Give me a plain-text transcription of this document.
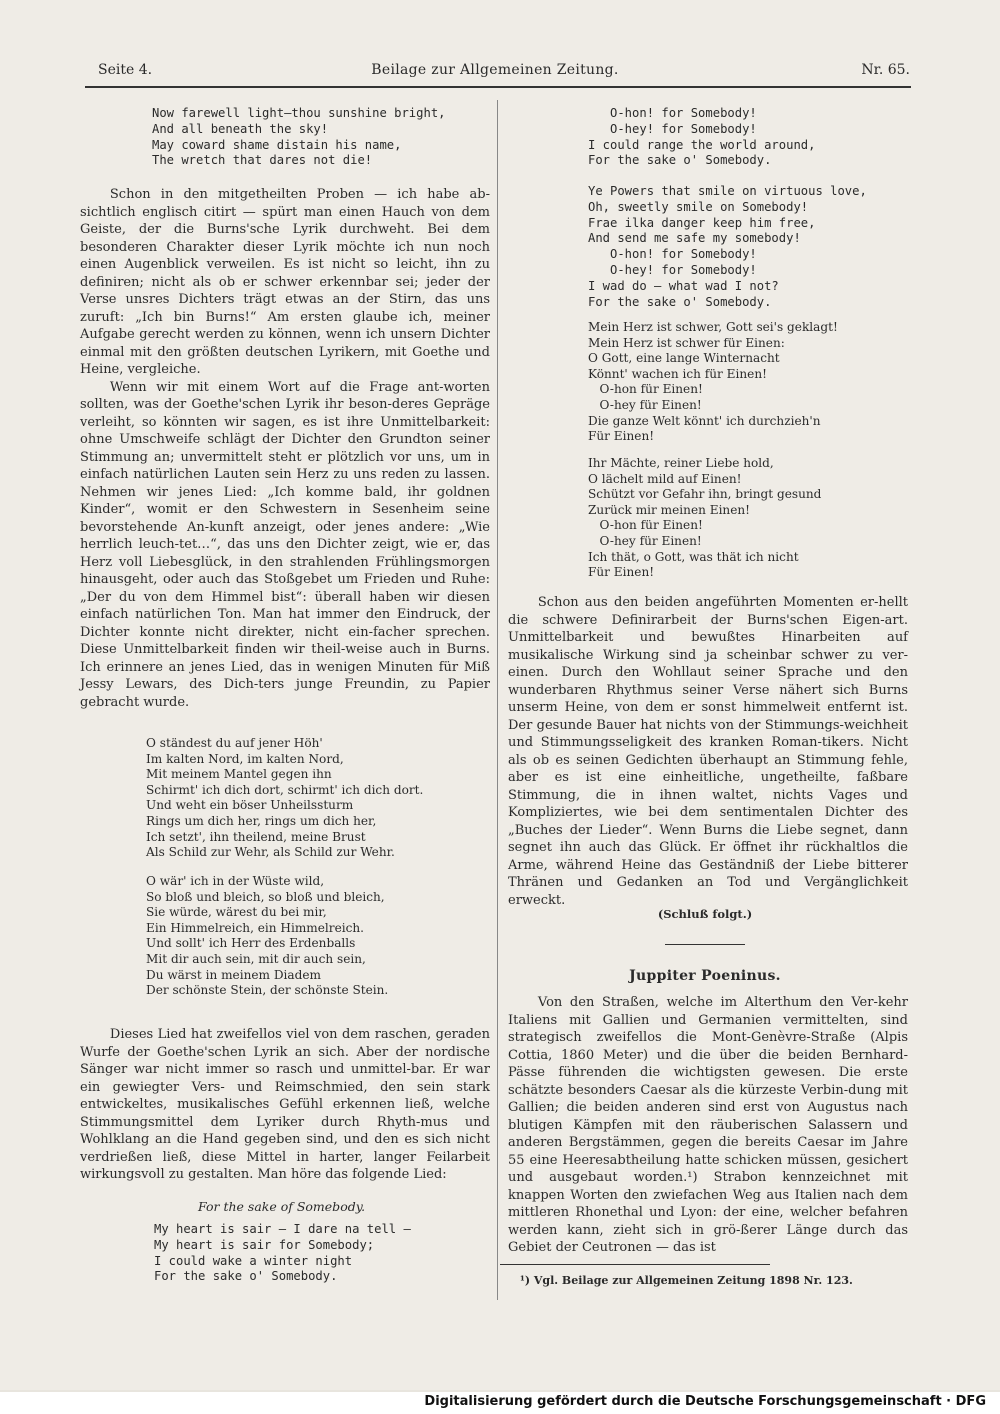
Seite 4.	Beilage zur Allgemeinen Zeitung.	Nr. 65.
Now farewell light—thou sunshine bright,
And all beneath the sky!
May coward shame distain his name,
The wretch that dares not die!

Schon in den mitgetheilten Proben — ich habe ab-sichtlich englisch citirt — spürt man einen Hauch von dem Geiste, der die Burns'sche Lyrik durchweht. Bei dem besonderen Charakter dieser Lyrik möchte ich nun noch einen Augenblick verweilen. Es ist nicht so leicht, ihn zu definiren; nicht als ob er schwer erkennbar sei; jeder der Verse unsres Dichters trägt etwas an der Stirn, das uns zuruft: „Ich bin Burns!“ Am ersten glaube ich, meiner Aufgabe gerecht werden zu können, wenn ich unsern Dichter einmal mit den größten deutschen Lyrikern, mit Goethe und Heine, vergleiche.

Wenn wir mit einem Wort auf die Frage ant-worten sollten, was der Goethe'schen Lyrik ihr beson-deres Gepräge verleiht, so könnten wir sagen, es ist ihre Unmittelbarkeit: ohne Umschweife schlägt der Dichter den Grundton seiner Stimmung an; unvermittelt steht er plötzlich vor uns, um in einfach natürlichen Lauten sein Herz zu uns reden zu lassen. Nehmen wir jenes Lied: „Ich komme bald, ihr goldnen Kinder“, womit er den Schwestern in Sesenheim seine bevorstehende An-kunft anzeigt, oder jenes andere: „Wie herrlich leuch-tet…“, das uns den Dichter zeigt, wie er, das Herz voll Liebesglück, in den strahlenden Frühlingsmorgen hinausgeht, oder auch das Stoßgebet um Frieden und Ruhe: „Der du von dem Himmel bist“: überall haben wir diesen einfach natürlichen Ton. Man hat immer den Eindruck, der Dichter konnte nicht direkter, nicht ein-facher sprechen. Diese Unmittelbarkeit finden wir theil-weise auch in Burns. Ich erinnere an jenes Lied, das in wenigen Minuten für Miß Jessy Lewars, des Dich-ters junge Freundin, zu Papier gebracht wurde.

O ständest du auf jener Höh'
Im kalten Nord, im kalten Nord,
Mit meinem Mantel gegen ihn
Schirmt' ich dich dort, schirmt' ich dich dort.
Und weht ein böser Unheilssturm
Rings um dich her, rings um dich her,
Ich setzt', ihn theilend, meine Brust
Als Schild zur Wehr, als Schild zur Wehr.
O wär' ich in der Wüste wild,
So bloß und bleich, so bloß und bleich,
Sie würde, wärest du bei mir,
Ein Himmelreich, ein Himmelreich.
Und sollt' ich Herr des Erdenballs
Mit dir auch sein, mit dir auch sein,
Du wärst in meinem Diadem
Der schönste Stein, der schönste Stein.

Dieses Lied hat zweifellos viel von dem raschen, geraden Wurfe der Goethe'schen Lyrik an sich. Aber der nordische Sänger war nicht immer so rasch und unmittel-bar. Er war ein gewiegter Vers- und Reimschmied, den sein stark entwickeltes, musikalisches Gefühl erkennen ließ, welche Stimmungsmittel dem Lyriker durch Rhyth-mus und Wohlklang an die Hand gegeben sind, und den es sich nicht verdrießen ließ, diese Mittel in harter, langer Feilarbeit wirkungsvoll zu gestalten. Man höre das folgende Lied:

For the sake of Somebody.
My heart is sair — I dare na tell —
My heart is sair for Somebody;
I could wake a winter night
For the sake o' Somebody.
O-hon! for Somebody!
O-hey! for Somebody!
I could range the world around,
For the sake o' Somebody.
Ye Powers that smile on virtuous love,
Oh, sweetly smile on Somebody!
Frae ilka danger keep him free,
And send me safe my somebody!
O-hon! for Somebody!
O-hey! for Somebody!
I wad do — what wad I not?
For the sake o' Somebody.
Mein Herz ist schwer, Gott sei's geklagt!
Mein Herz ist schwer für Einen:
O Gott, eine lange Winternacht
Könnt' wachen ich für Einen!
O-hon für Einen!
O-hey für Einen!
Die ganze Welt könnt' ich durchzieh'n
Für Einen!
Ihr Mächte, reiner Liebe hold,
O lächelt mild auf Einen!
Schützt vor Gefahr ihn, bringt gesund
Zurück mir meinen Einen!
O-hon für Einen!
O-hey für Einen!
Ich thät, o Gott, was thät ich nicht
Für Einen!

Schon aus den beiden angeführten Momenten er-hellt die schwere Definirarbeit der Burns'schen Eigen-art. Unmittelbarkeit und bewußtes Hinarbeiten auf musikalische Wirkung sind ja scheinbar schwer zu ver-einen. Durch den Wohllaut seiner Sprache und den wunderbaren Rhythmus seiner Verse nähert sich Burns unserm Heine, von dem er sonst himmelweit entfernt ist. Der gesunde Bauer hat nichts von der Stimmungs-weichheit und Stimmungsseligkeit des kranken Roman-tikers. Nicht als ob es seinen Gedichten überhaupt an Stimmung fehle, aber es ist eine einheitliche, ungetheilte, faßbare Stimmung, die in ihnen waltet, nichts Vages und Kompliziertes, wie bei dem sentimentalen Dichter des „Buches der Lieder“. Wenn Burns die Liebe segnet, dann segnet ihn auch das Glück. Er öffnet ihr rückhaltlos die Arme, während Heine das Geständniß der Liebe bitterer Thränen und Gedanken an Tod und Vergänglichkeit erweckt.

(Schluß folgt.)
Juppiter Poeninus.

Von den Straßen, welche im Alterthum den Ver-kehr Italiens mit Gallien und Germanien vermittelten, sind strategisch zweifellos die Mont-Genèvre-Straße (Alpis Cottia, 1860 Meter) und die über die beiden Bernhard-Pässe führenden die wichtigsten gewesen. Die erste schätzte besonders Caesar als die kürzeste Verbin-dung mit Gallien; die beiden anderen sind erst von Augustus nach blutigen Kämpfen mit den räuberischen Salassern und anderen Bergstämmen, gegen die bereits Caesar im Jahre 55 eine Heeresabtheilung hatte schicken müssen, gesichert und ausgebaut worden.¹) Strabon kennzeichnet mit knappen Worten den zwiefachen Weg aus Italien nach dem mittleren Rhonethal und Lyon: der eine, welcher befahren werden kann, zieht sich in grö-ßerer Länge durch das Gebiet der Ceutronen — das ist

¹) Vgl. Beilage zur Allgemeinen Zeitung 1898 Nr. 123.
Digitalisierung gefördert durch die Deutsche Forschungsgemeinschaft · DFG
